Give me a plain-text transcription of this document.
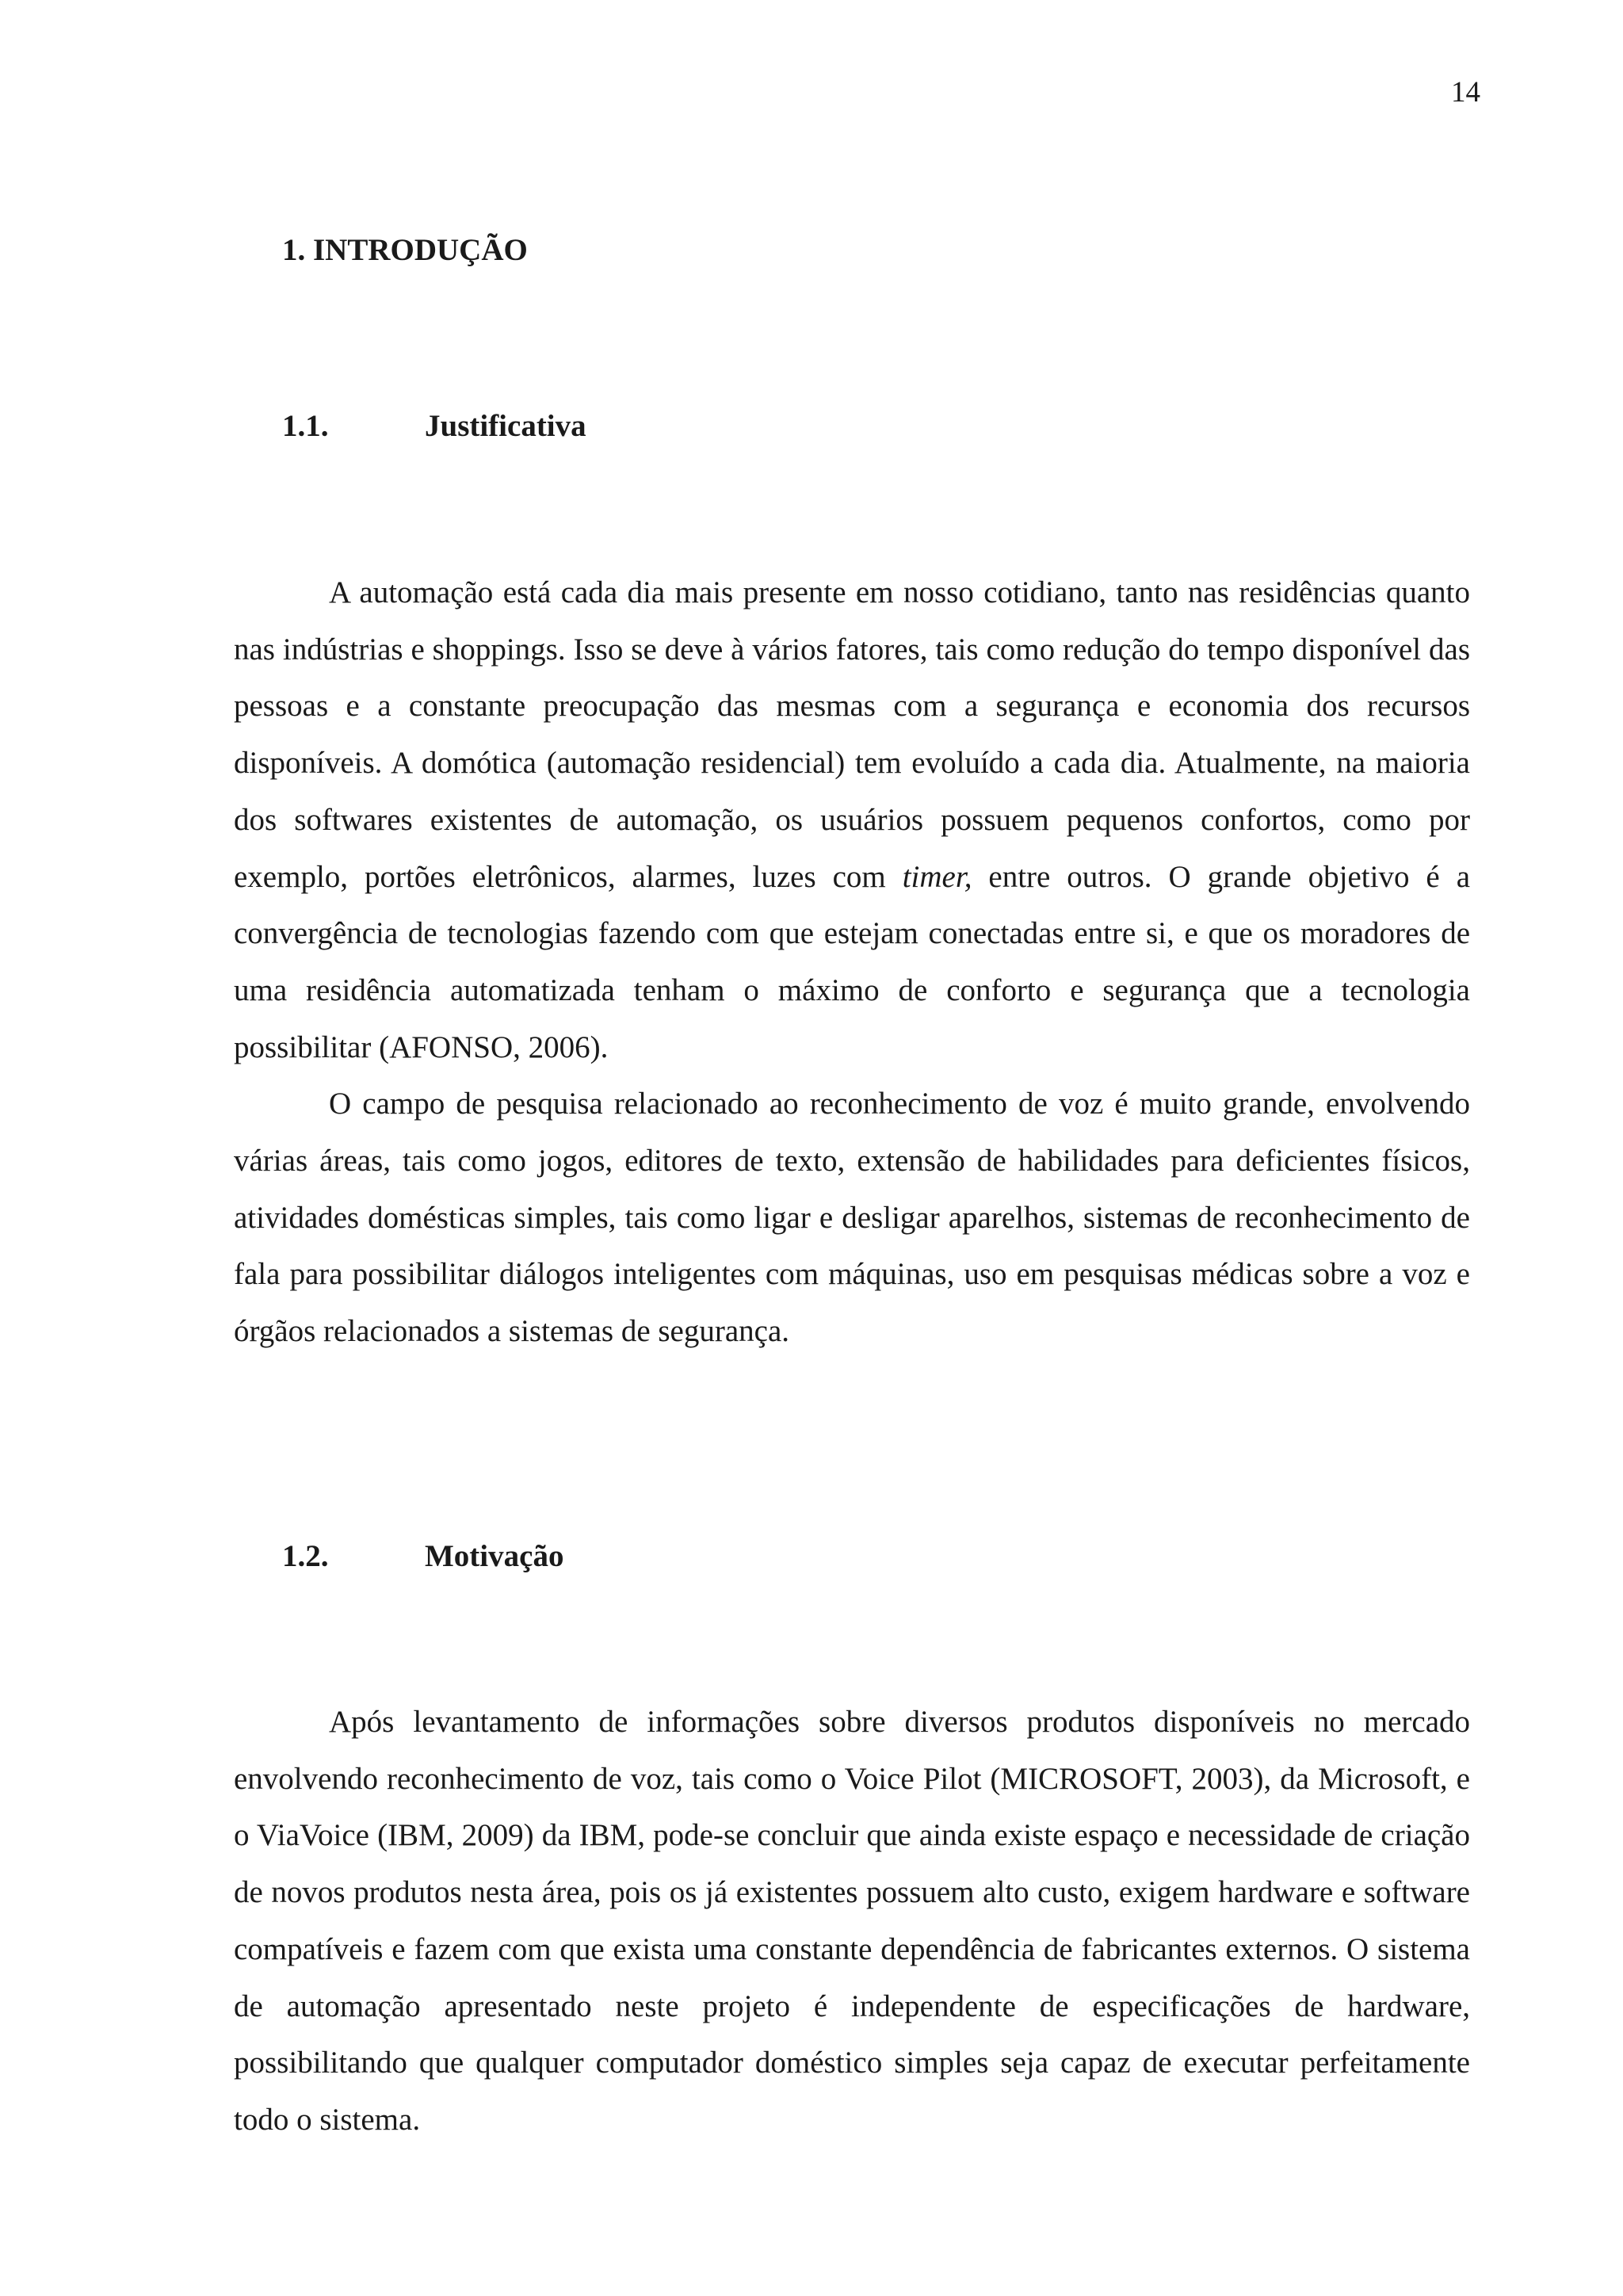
14
1. INTRODUÇÃO
1.1.	Justificativa

A automação está cada dia mais presente em nosso cotidiano, tanto nas residências quanto nas indústrias e shoppings. Isso se deve à vários fatores, tais como redução do tempo disponível das pessoas e a constante preocupação das mesmas com a segurança e economia dos recursos disponíveis. A domótica (automação residencial) tem evoluído a cada dia. Atualmente, na maioria dos softwares existentes de automação, os usuários possuem pequenos confortos, como por exemplo, portões eletrônicos, alarmes, luzes com timer, entre outros. O grande objetivo é a convergência de tecnologias fazendo com que estejam conectadas entre si, e que os moradores de uma residência automatizada tenham o máximo de conforto e segurança que a tecnologia possibilitar (AFONSO, 2006).

O campo de pesquisa relacionado ao reconhecimento de voz é muito grande, envolvendo várias áreas, tais como jogos, editores de texto, extensão de habilidades para deficientes físicos, atividades domésticas simples, tais como ligar e desligar aparelhos, sistemas de reconhecimento de fala para possibilitar diálogos inteligentes com máquinas, uso em pesquisas médicas sobre a voz e órgãos relacionados a sistemas de segurança.

1.2.	Motivação

Após levantamento de informações sobre diversos produtos disponíveis no mercado envolvendo reconhecimento de voz, tais como o Voice Pilot (MICROSOFT, 2003), da Microsoft, e o ViaVoice (IBM, 2009) da IBM, pode-se concluir que ainda existe espaço e necessidade de criação de novos produtos nesta área, pois os já existentes possuem alto custo, exigem hardware e software compatíveis e fazem com que exista uma constante dependência de fabricantes externos. O sistema de automação apresentado neste projeto é independente de especificações de hardware, possibilitando que qualquer computador doméstico simples seja capaz de executar perfeitamente todo o sistema.
